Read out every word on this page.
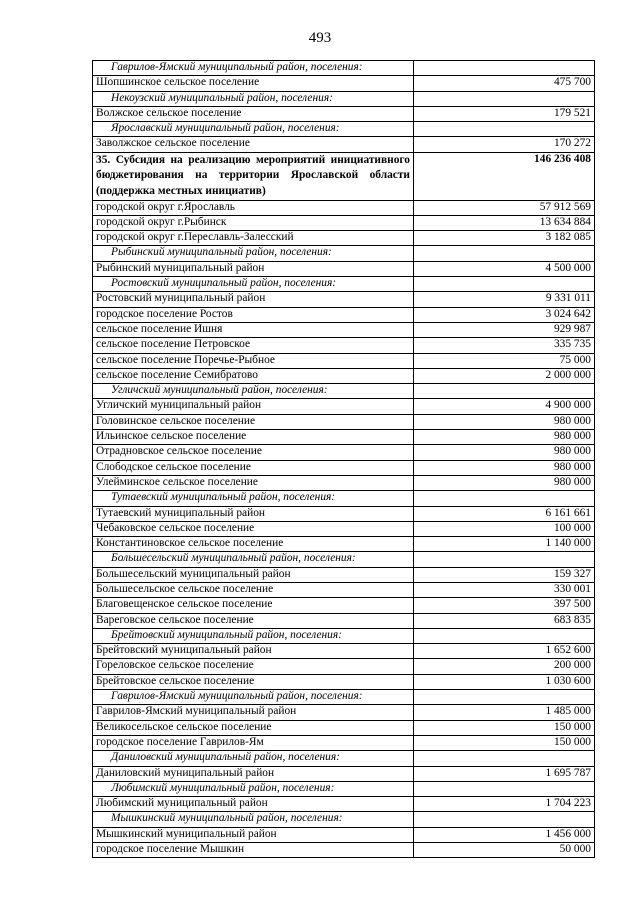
493
Гаврилов-Ямский муниципальный район, поселения:	
Шопшинское сельское поселение	475 700
Некоузский муниципальный район, поселения:	
Волжское сельское поселение	179 521
Ярославский муниципальный район, поселения:	
Заволжское сельское поселение	170 272
35. Субсидия на реализацию мероприятий инициативного бюджетирования на территории Ярославской области (поддержка местных инициатив)	146 236 408
городской округ г.Ярославль	57 912 569
городской округ г.Рыбинск	13 634 884
городской округ г.Переславль-Залесский	3 182 085
Рыбинский муниципальный район, поселения:	
Рыбинский муниципальный район	4 500 000
Ростовский муниципальный район, поселения:	
Ростовский муниципальный район	9 331 011
городское поселение Ростов	3 024 642
сельское поселение Ишня	929 987
сельское поселение Петровское	335 735
сельское поселение Поречье-Рыбное	75 000
сельское поселение Семибратово	2 000 000
Угличский муниципальный район, поселения:	
Угличский муниципальный район	4 900 000
Головинское сельское поселение	980 000
Ильинское сельское поселение	980 000
Отрадновское сельское поселение	980 000
Слободское сельское поселение	980 000
Улейминское сельское поселение	980 000
Тутаевский муниципальный район, поселения:	
Тутаевский муниципальный район	6 161 661
Чебаковское сельское поселение	100 000
Константиновское сельское поселение	1 140 000
Большесельский муниципальный район, поселения:	
Большесельский муниципальный район	159 327
Большесельское сельское поселение	330 001
Благовещенское сельское поселение	397 500
Вареговское сельское поселение	683 835
Брейтовский муниципальный район, поселения:	
Брейтовский муниципальный район	1 652 600
Гореловское сельское поселение	200 000
Брейтовское сельское поселение	1 030 600
Гаврилов-Ямский муниципальный район, поселения:	
Гаврилов-Ямский муниципальный район	1 485 000
Великосельское сельское поселение	150 000
городское поселение Гаврилов-Ям	150 000
Даниловский муниципальный район, поселения:	
Даниловский муниципальный район	1 695 787
Любимский муниципальный район, поселения:	
Любимский муниципальный район	1 704 223
Мышкинский муниципальный район, поселения:	
Мышкинский муниципальный район	1 456 000
городское поселение Мышкин	50 000
